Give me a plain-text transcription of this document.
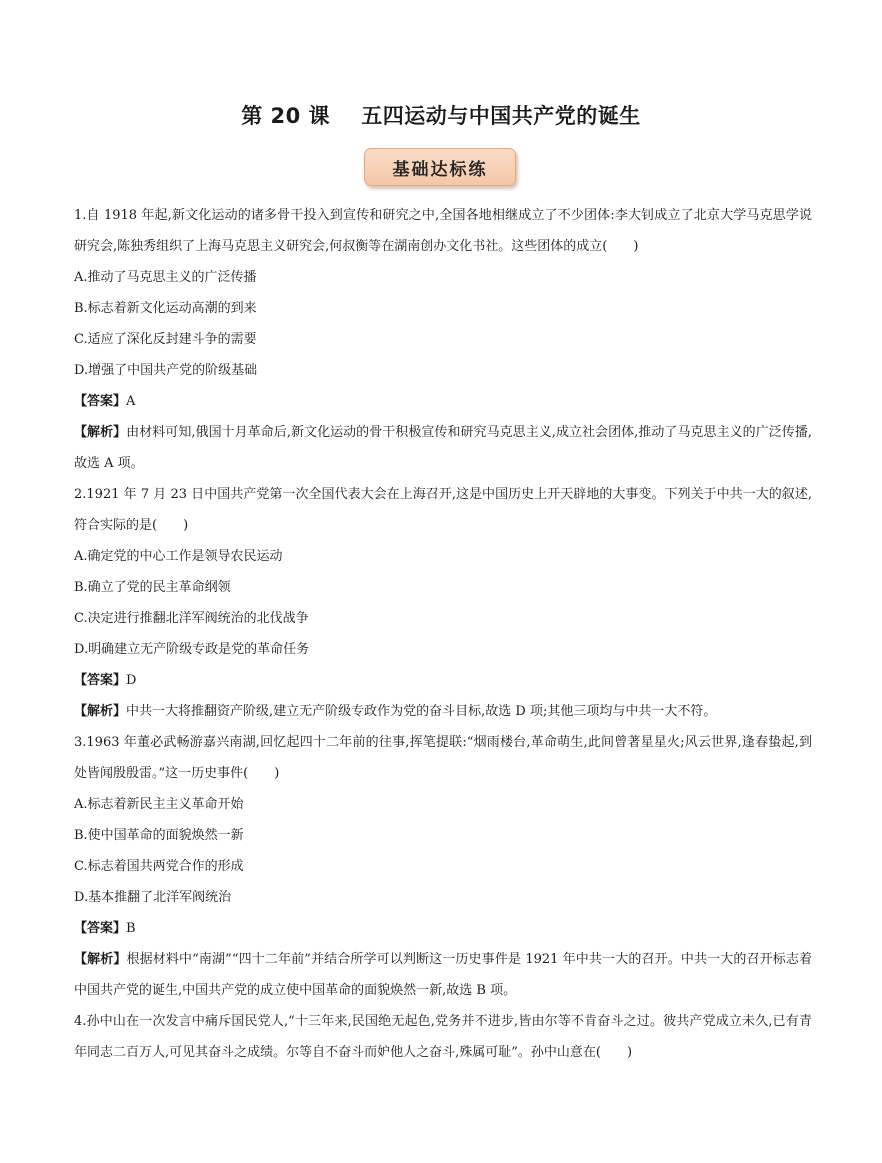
第 20 课    五四运动与中国共产党的诞生
基础达标练

1.自 1918 年起,新文化运动的诸多骨干投入到宣传和研究之中,全国各地相继成立了不少团体:李大钊成立了北京大学马克思学说研究会,陈独秀组织了上海马克思主义研究会,何叔衡等在湖南创办文化书社。这些团体的成立(　　)

A.推动了马克思主义的广泛传播

B.标志着新文化运动高潮的到来

C.适应了深化反封建斗争的需要

D.增强了中国共产党的阶级基础

【答案】A

【解析】由材料可知,俄国十月革命后,新文化运动的骨干积极宣传和研究马克思主义,成立社会团体,推动了马克思主义的广泛传播,故选 A 项。

2.1921 年 7 月 23 日中国共产党第一次全国代表大会在上海召开,这是中国历史上开天辟地的大事变。下列关于中共一大的叙述,符合实际的是(　　)

A.确定党的中心工作是领导农民运动

B.确立了党的民主革命纲领

C.决定进行推翻北洋军阀统治的北伐战争

D.明确建立无产阶级专政是党的革命任务

【答案】D

【解析】中共一大将推翻资产阶级,建立无产阶级专政作为党的奋斗目标,故选 D 项;其他三项均与中共一大不符。

3.1963 年董必武畅游嘉兴南湖,回忆起四十二年前的往事,挥笔提联:“烟雨楼台,革命萌生,此间曾著星星火;风云世界,逢春蛰起,到处皆闻殷殷雷。”这一历史事件(　　)

A.标志着新民主主义革命开始

B.使中国革命的面貌焕然一新

C.标志着国共两党合作的形成

D.基本推翻了北洋军阀统治

【答案】B

【解析】根据材料中“南湖”“四十二年前”并结合所学可以判断这一历史事件是 1921 年中共一大的召开。中共一大的召开标志着中国共产党的诞生,中国共产党的成立使中国革命的面貌焕然一新,故选 B 项。

4.孙中山在一次发言中痛斥国民党人,“十三年来,民国绝无起色,党务并不进步,皆由尔等不肯奋斗之过。彼共产党成立未久,已有青年同志二百万人,可见其奋斗之成绩。尔等自不奋斗而妒他人之奋斗,殊属可耻”。孙中山意在(　　)
